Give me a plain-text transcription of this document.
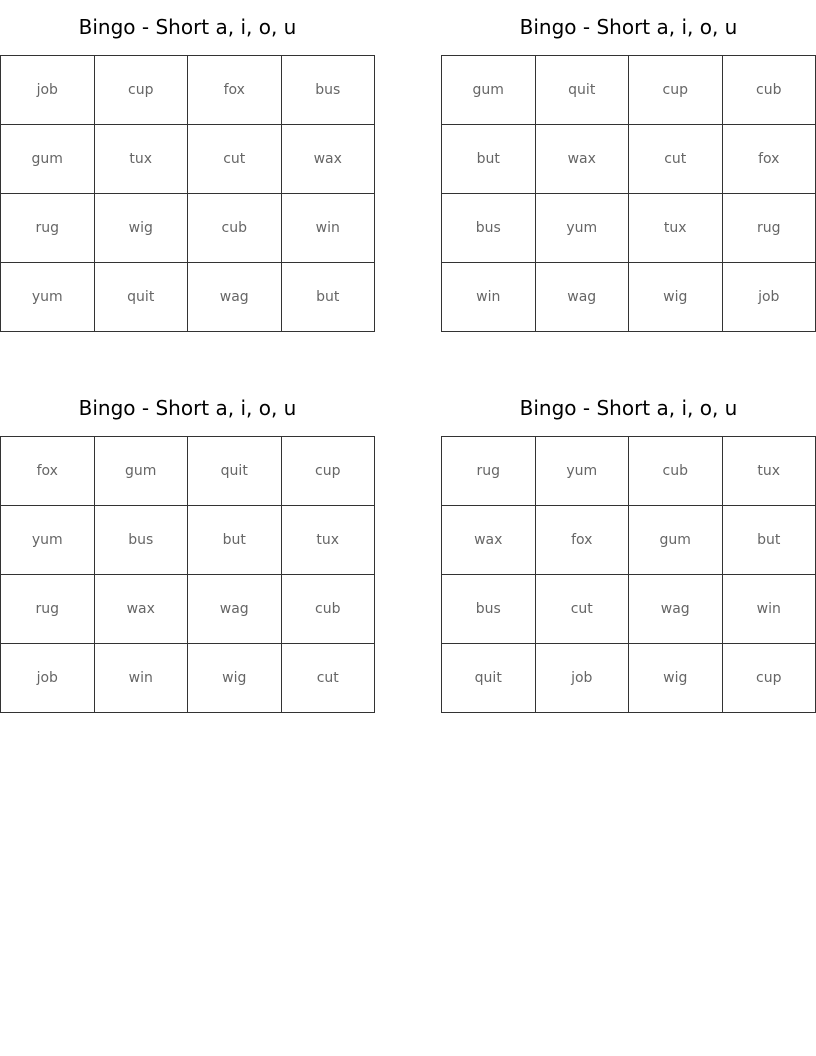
Bingo - Short a, i, o, u
job	cup	fox	bus
gum	tux	cut	wax
rug	wig	cub	win
yum	quit	wag	but
Bingo - Short a, i, o, u
gum	quit	cup	cub
but	wax	cut	fox
bus	yum	tux	rug
win	wag	wig	job
Bingo - Short a, i, o, u
fox	gum	quit	cup
yum	bus	but	tux
rug	wax	wag	cub
job	win	wig	cut
Bingo - Short a, i, o, u
rug	yum	cub	tux
wax	fox	gum	but
bus	cut	wag	win
quit	job	wig	cup
